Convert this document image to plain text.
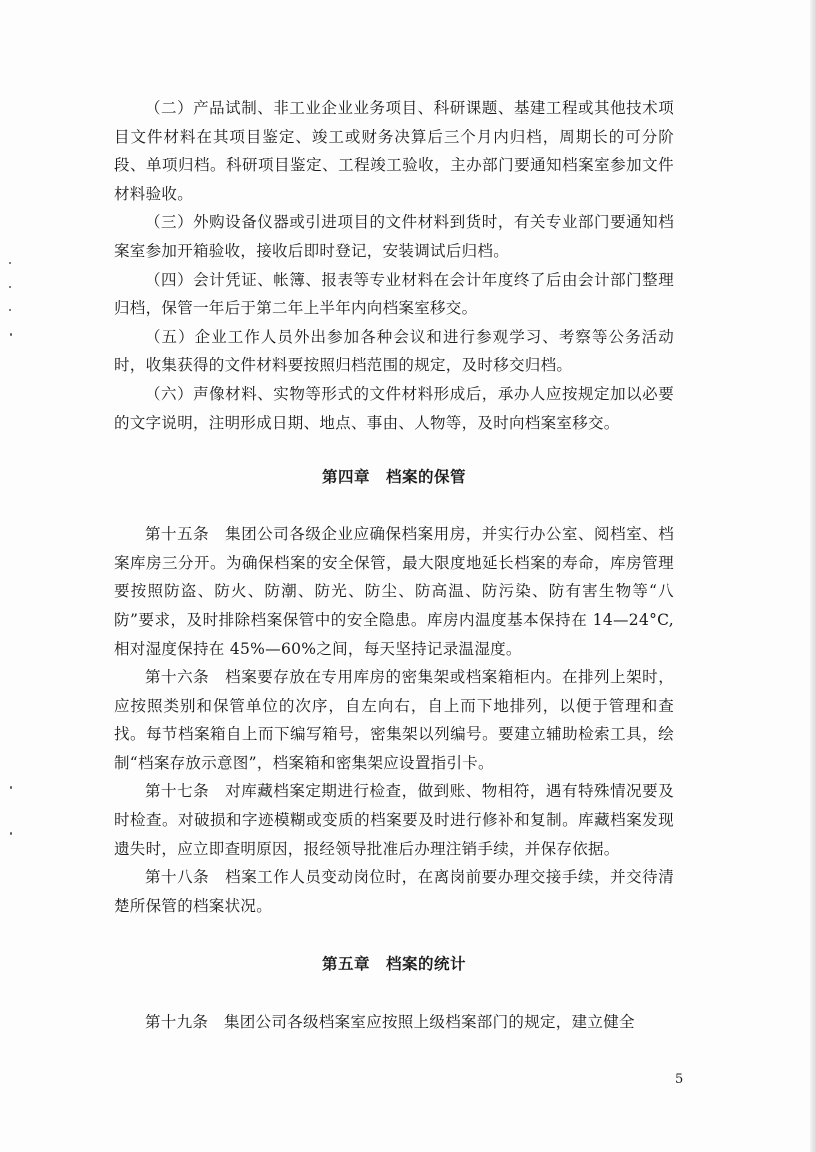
（二）产品试制、非工业企业业务项目、科研课题、基建工程或其他技术项目文件材料在其项目鉴定、竣工或财务决算后三个月内归档，周期长的可分阶段、单项归档。科研项目鉴定、工程竣工验收，主办部门要通知档案室参加文件材料验收。

（三）外购设备仪器或引进项目的文件材料到货时，有关专业部门要通知档案室参加开箱验收，接收后即时登记，安装调试后归档。

（四）会计凭证、帐簿、报表等专业材料在会计年度终了后由会计部门整理归档，保管一年后于第二年上半年内向档案室移交。

（五）企业工作人员外出参加各种会议和进行参观学习、考察等公务活动时，收集获得的文件材料要按照归档范围的规定，及时移交归档。

（六）声像材料、实物等形式的文件材料形成后，承办人应按规定加以必要的文字说明，注明形成日期、地点、事由、人物等，及时向档案室移交。

第四章　档案的保管

第十五条　集团公司各级企业应确保档案用房，并实行办公室、阅档室、档案库房三分开。为确保档案的安全保管，最大限度地延长档案的寿命，库房管理要按照防盗、防火、防潮、防光、防尘、防高温、防污染、防有害生物等“八防”要求，及时排除档案保管中的安全隐患。库房内温度基本保持在 14—24°C,相对湿度保持在 45%—60%之间，每天坚持记录温湿度。

第十六条　档案要存放在专用库房的密集架或档案箱柜内。在排列上架时，应按照类别和保管单位的次序，自左向右，自上而下地排列，以便于管理和查找。每节档案箱自上而下编写箱号，密集架以列编号。要建立辅助检索工具，绘制“档案存放示意图”，档案箱和密集架应设置指引卡。

第十七条　对库藏档案定期进行检查，做到账、物相符，遇有特殊情况要及时检查。对破损和字迹模糊或变质的档案要及时进行修补和复制。库藏档案发现遗失时，应立即查明原因，报经领导批准后办理注销手续，并保存依据。

第十八条　档案工作人员变动岗位时，在离岗前要办理交接手续，并交待清楚所保管的档案状况。

第五章　档案的统计

第十九条　集团公司各级档案室应按照上级档案部门的规定，建立健全

5
